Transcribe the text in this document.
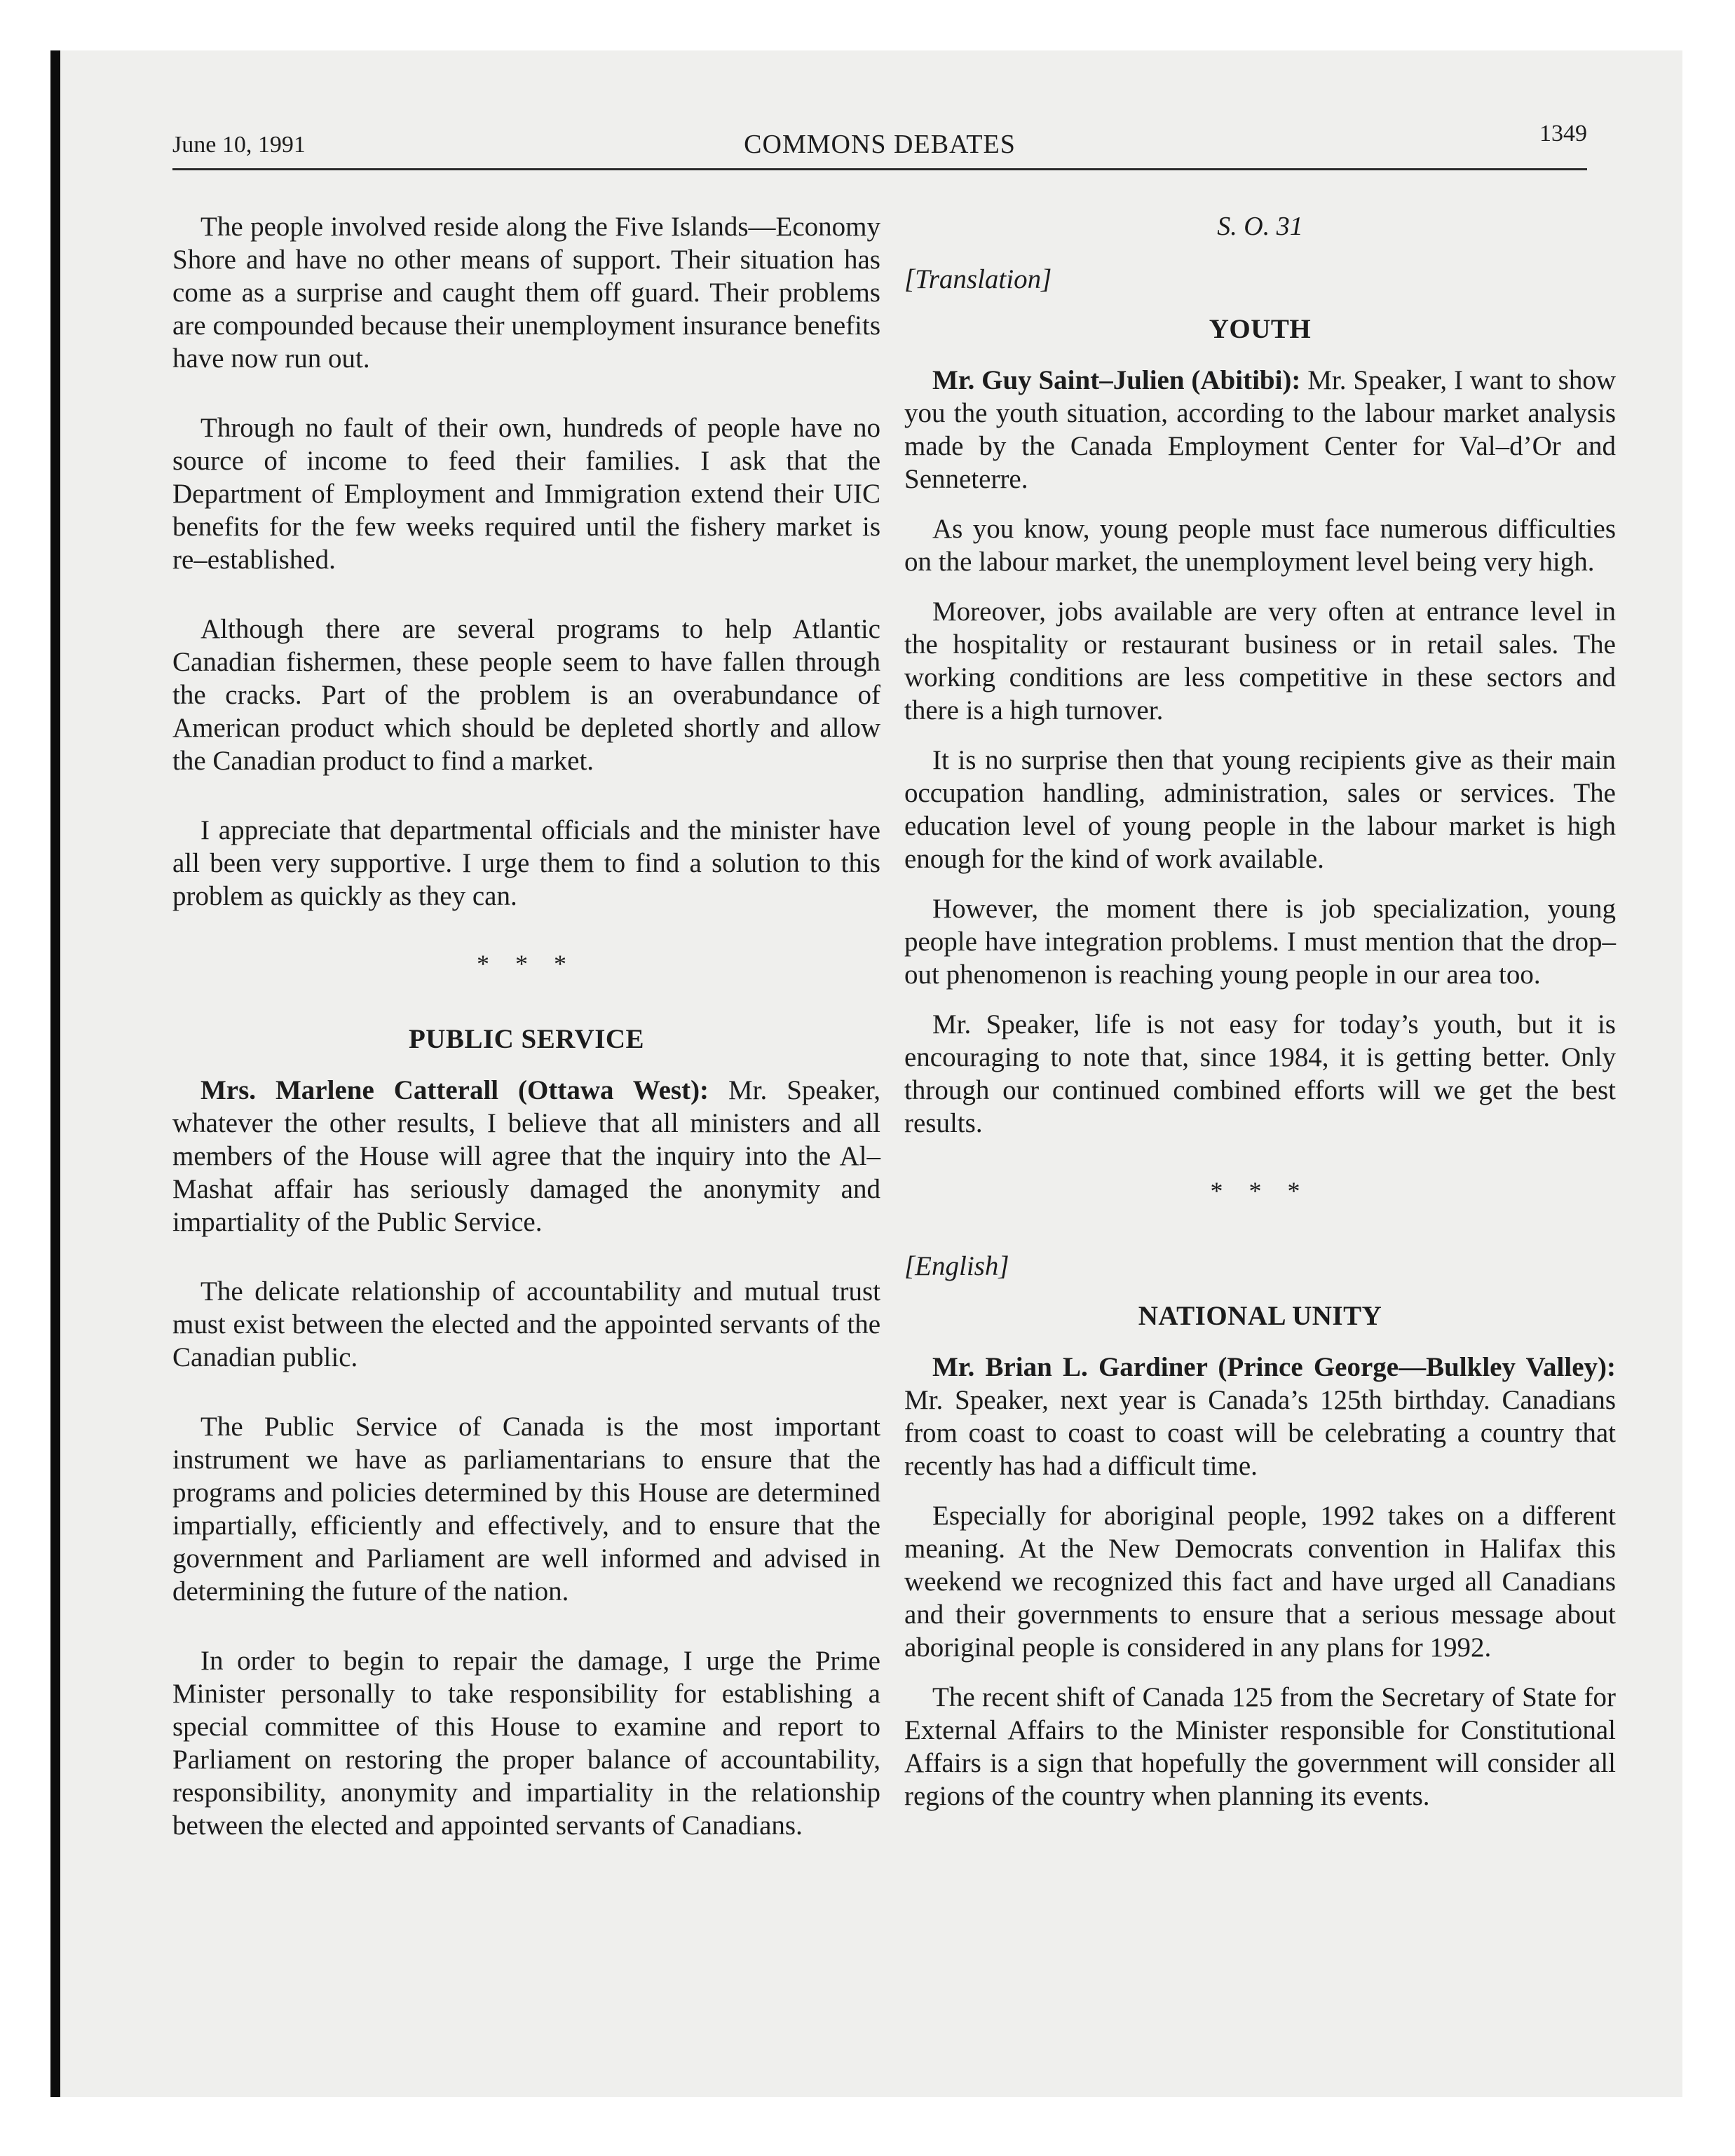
June 10, 1991	COMMONS DEBATES	1349

The people involved reside along the Five Islands—Economy Shore and have no other means of support. Their situation has come as a surprise and caught them off guard. Their problems are compounded because their unemployment insurance benefits have now run out.

Through no fault of their own, hundreds of people have no source of income to feed their families. I ask that the Department of Employment and Immigration extend their UIC benefits for the few weeks required until the fishery market is re–established.

Although there are several programs to help Atlantic Canadian fishermen, these people seem to have fallen through the cracks. Part of the problem is an overabundance of American product which should be depleted shortly and allow the Canadian product to find a market.

I appreciate that departmental officials and the minister have all been very supportive. I urge them to find a solution to this problem as quickly as they can.

* * *
PUBLIC SERVICE

Mrs. Marlene Catterall (Ottawa West): Mr. Speaker, whatever the other results, I believe that all ministers and all members of the House will agree that the inquiry into the Al–Mashat affair has seriously damaged the anonymity and impartiality of the Public Service.

The delicate relationship of accountability and mutual trust must exist between the elected and the appointed servants of the Canadian public.

The Public Service of Canada is the most important instrument we have as parliamentarians to ensure that the programs and policies determined by this House are determined impartially, efficiently and effectively, and to ensure that the government and Parliament are well informed and advised in determining the future of the nation.

In order to begin to repair the damage, I urge the Prime Minister personally to take responsibility for establishing a special committee of this House to examine and report to Parliament on restoring the proper balance of accountability, responsibility, anonymity and impartiality in the relationship between the elected and appointed servants of Canadians.

S. O. 31

[Translation]

YOUTH

Mr. Guy Saint–Julien (Abitibi): Mr. Speaker, I want to show you the youth situation, according to the labour market analysis made by the Canada Employment Center for Val–d’Or and Senneterre.

As you know, young people must face numerous difficulties on the labour market, the unemployment level being very high.

Moreover, jobs available are very often at entrance level in the hospitality or restaurant business or in retail sales. The working conditions are less competitive in these sectors and there is a high turnover.

It is no surprise then that young recipients give as their main occupation handling, administration, sales or services. The education level of young people in the labour market is high enough for the kind of work available.

However, the moment there is job specialization, young people have integration problems. I must mention that the drop–out phenomenon is reaching young people in our area too.

Mr. Speaker, life is not easy for today’s youth, but it is encouraging to note that, since 1984, it is getting better. Only through our continued combined efforts will we get the best results.

* * *

[English]

NATIONAL UNITY

Mr. Brian L. Gardiner (Prince George—Bulkley Valley): Mr. Speaker, next year is Canada’s 125th birthday. Canadians from coast to coast to coast will be celebrating a country that recently has had a difficult time.

Especially for aboriginal people, 1992 takes on a different meaning. At the New Democrats convention in Halifax this weekend we recognized this fact and have urged all Canadians and their governments to ensure that a serious message about aboriginal people is considered in any plans for 1992.

The recent shift of Canada 125 from the Secretary of State for External Affairs to the Minister responsible for Constitutional Affairs is a sign that hopefully the government will consider all regions of the country when planning its events.
